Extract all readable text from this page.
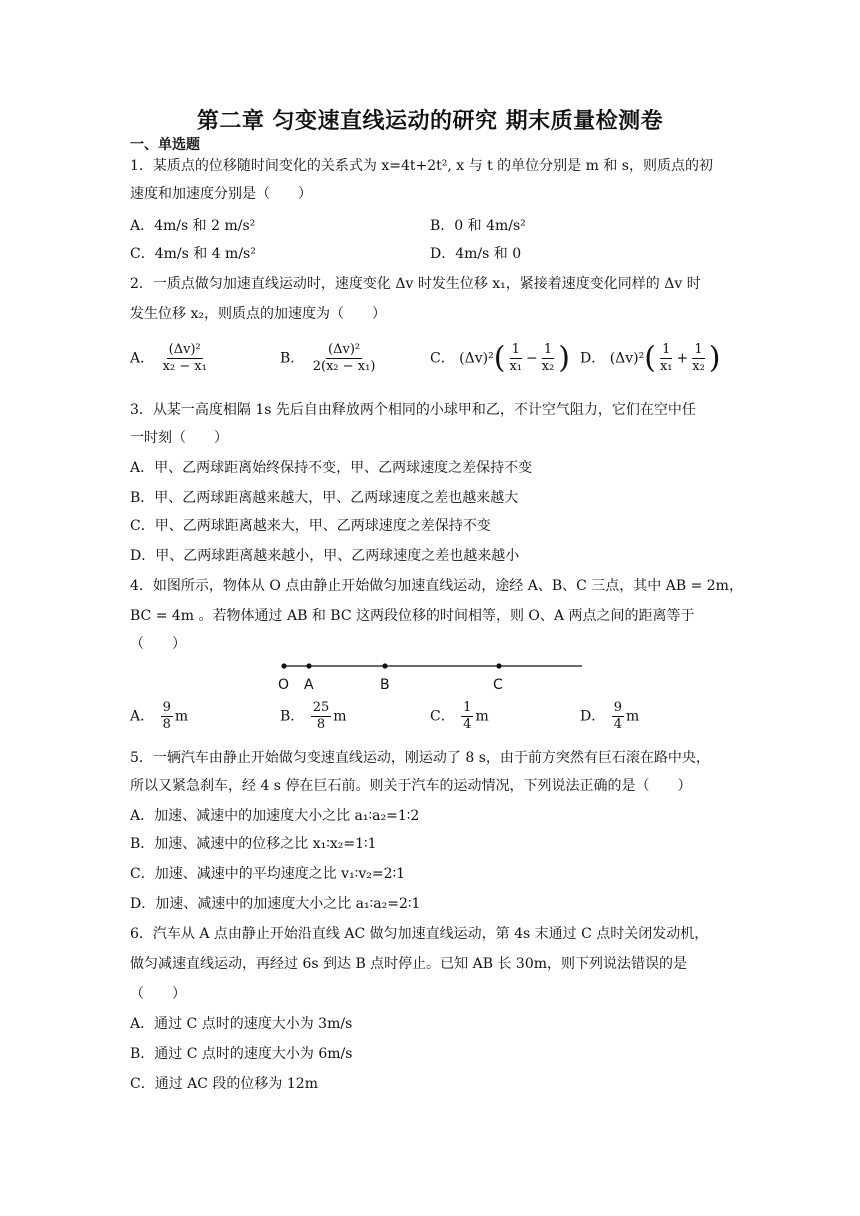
第二章 匀变速直线运动的研究 期末质量检测卷
一、单选题
1．某质点的位移随时间变化的关系式为 x=4t+2t², x 与 t 的单位分别是 m 和 s，则质点的初
速度和加速度分别是（　　）
A．4m/s 和 2 m/s²	B．0 和 4m/s²
C．4m/s 和 4 m/s²	D．4m/s 和 0
2．一质点做匀加速直线运动时，速度变化 Δv 时发生位移 x₁，紧接着速度变化同样的 Δv 时
发生位移 x₂，则质点的加速度为（　　）
A． $\frac{\text{(Δv)²}}{\text{x₂ − x₁}}$	B． $\frac{\text{(Δv)²}}{\text{2(x₂ − x₁)}}$	C． $(\Delta v)^2( \frac{1}{\text{x₁}} - \frac{1}{\text{x₂}}$ ) D． $(\Delta v)^2( \frac{1}{\text{x₁}} + \frac{1}{\text{x₂}}$ )
3．从某一高度相隔 1s 先后自由释放两个相同的小球甲和乙，不计空气阻力，它们在空中任
一时刻（　　）
A．甲、乙两球距离始终保持不变，甲、乙两球速度之差保持不变
B．甲、乙两球距离越来越大，甲、乙两球速度之差也越来越大
C．甲、乙两球距离越来大，甲、乙两球速度之差保持不变
D．甲、乙两球距离越来越小，甲、乙两球速度之差也越来越小
4．如图所示，物体从 O 点由静止开始做匀加速直线运动，途经 A、B、C 三点，其中 AB = 2m，
BC = 4m 。若物体通过 AB 和 BC 这两段位移的时间相等，则 O、A 两点之间的距离等于
（　　）
O A	B	C
A． $\frac{9}{8}$ m	B． $\frac{25}{8}$ m	C． $\frac{1}{4}$ m	D． $\frac{9}{4}$ m
5．一辆汽车由静止开始做匀变速直线运动，刚运动了 8 s，由于前方突然有巨石滚在路中央，
所以又紧急刹车，经 4 s 停在巨石前。则关于汽车的运动情况，下列说法正确的是（　　）
A．加速、减速中的加速度大小之比 a₁∶a₂=1∶2
B．加速、减速中的位移之比 x₁∶x₂=1∶1
C．加速、减速中的平均速度之比 v₁∶v₂=2∶1
D．加速、减速中的加速度大小之比 a₁∶a₂=2∶1
6．汽车从 A 点由静止开始沿直线 AC 做匀加速直线运动，第 4s 末通过 C 点时关闭发动机，
做匀减速直线运动，再经过 6s 到达 B 点时停止。已知 AB 长 30m，则下列说法错误的是
（　　）
A．通过 C 点时的速度大小为 3m/s
B．通过 C 点时的速度大小为 6m/s
C．通过 AC 段的位移为 12m
